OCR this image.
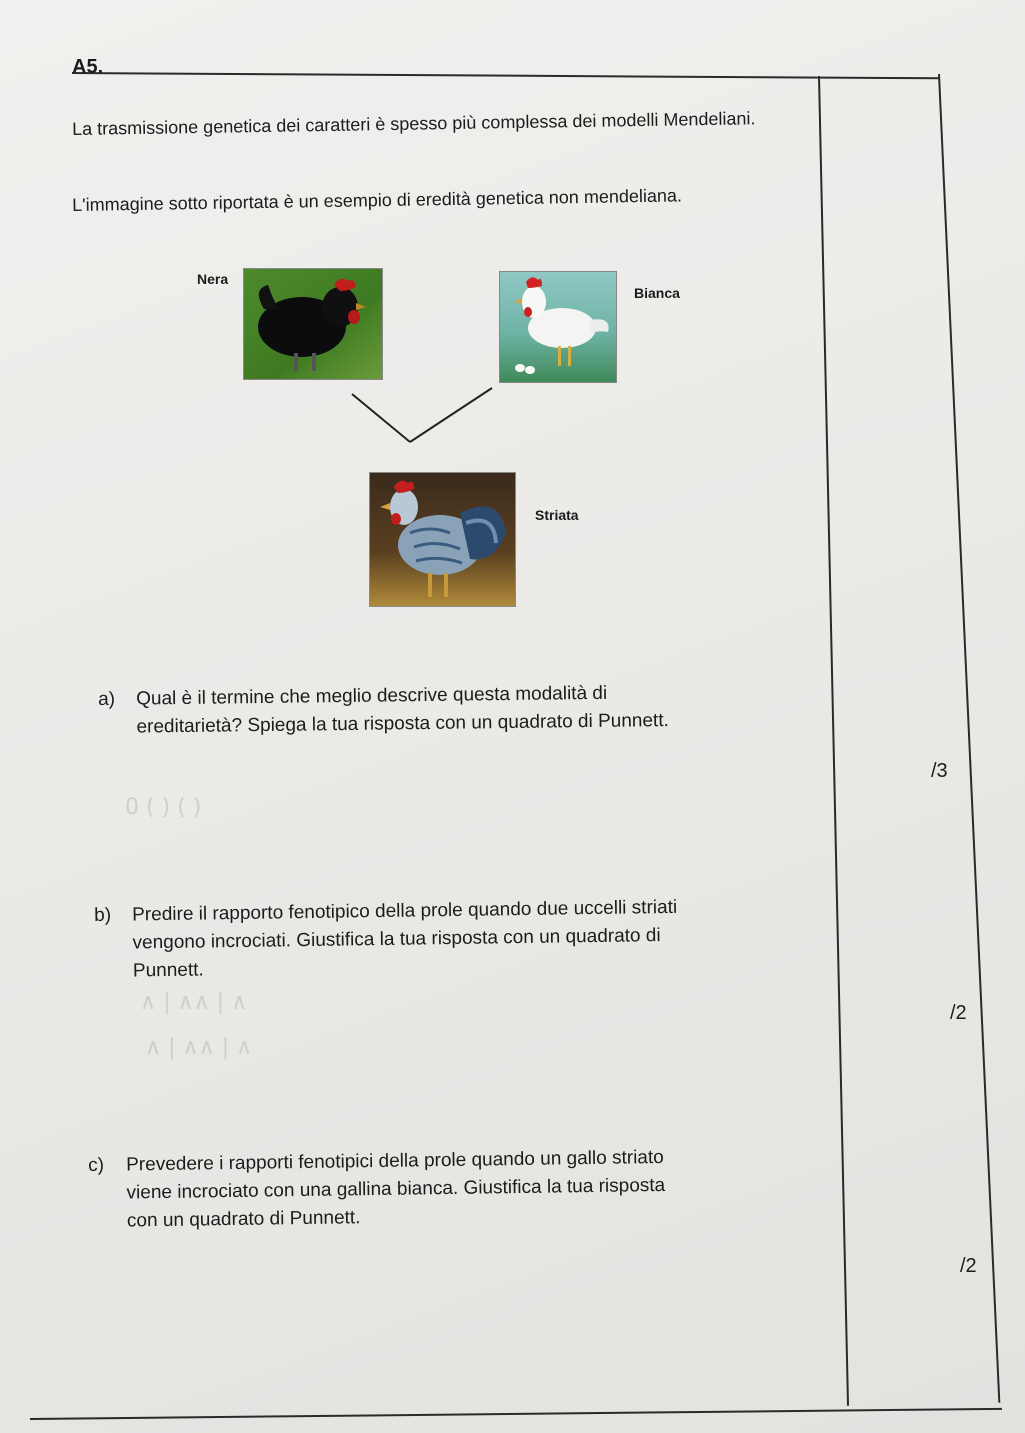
0 ( ) ( )
∧ | ∧∧ | ∧
∧ | ∧∧ | ∧
A5.
La trasmissione genetica dei caratteri è spesso più complessa dei modelli Mendeliani.
L'immagine sotto riportata è un esempio di eredità genetica non mendeliana.
Nera
Bianca
Striata
a)	Qual è il termine che meglio descrive questa modalità di
ereditarietà? Spiega la tua risposta con un quadrato di Punnett.
/3
b)	Predire il rapporto fenotipico della prole quando due uccelli striati
vengono incrociati. Giustifica la tua risposta con un quadrato di
Punnett.
/2
c)	Prevedere i rapporti fenotipici della prole quando un gallo striato
viene incrociato con una gallina bianca. Giustifica la tua risposta
con un quadrato di Punnett.
/2
